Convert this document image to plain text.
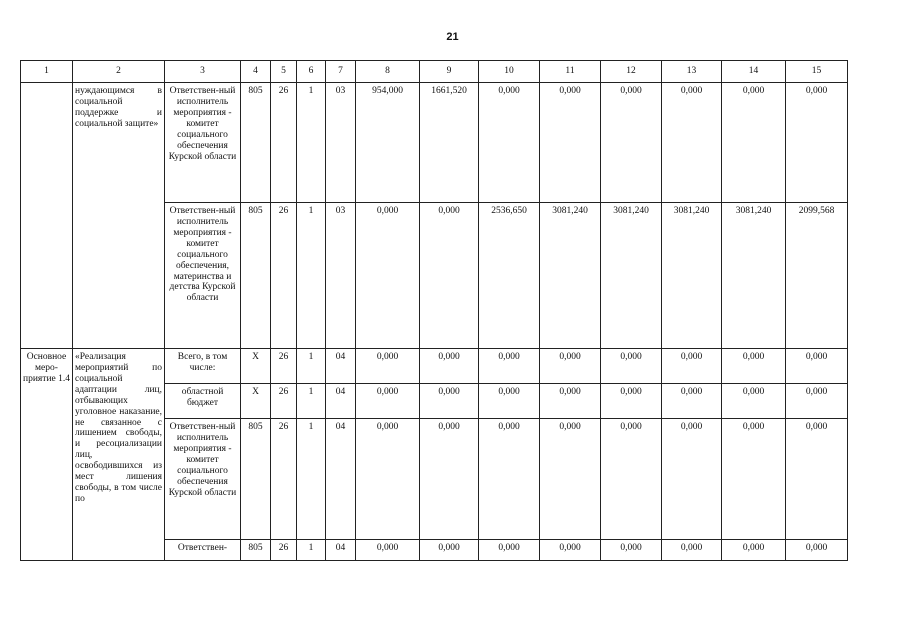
21
1	2	3	4	5	6	7	8	9	10	11	12	13	14	15
	нуждающимся в социальной поддержке и социальной защите»	Ответствен-ный исполнитель мероприятия - комитет социального обеспечения Курской области	805	26	1	03	954,000	1661,520	0,000	0,000	0,000	0,000	0,000	0,000
		Ответствен-ный исполнитель мероприятия - комитет социального обеспечения, материнства и детства Курской области	805	26	1	03	0,000	0,000	2536,650	3081,240	3081,240	3081,240	3081,240	2099,568
Основное меро-приятие 1.4	«Реализация мероприятий по социальной адаптации лиц, отбывающих уголовное наказание, не связанное с лишением свободы, и ресоциализации лиц, освободившихся из мест лишения свободы, в том числе по	Всего, в том числе:	X	26	1	04	0,000	0,000	0,000	0,000	0,000	0,000	0,000	0,000
		областной бюджет	X	26	1	04	0,000	0,000	0,000	0,000	0,000	0,000	0,000	0,000
		Ответствен-ный исполнитель мероприятия - комитет социального обеспечения Курской области	805	26	1	04	0,000	0,000	0,000	0,000	0,000	0,000	0,000	0,000
		Ответствен-	805	26	1	04	0,000	0,000	0,000	0,000	0,000	0,000	0,000	0,000
